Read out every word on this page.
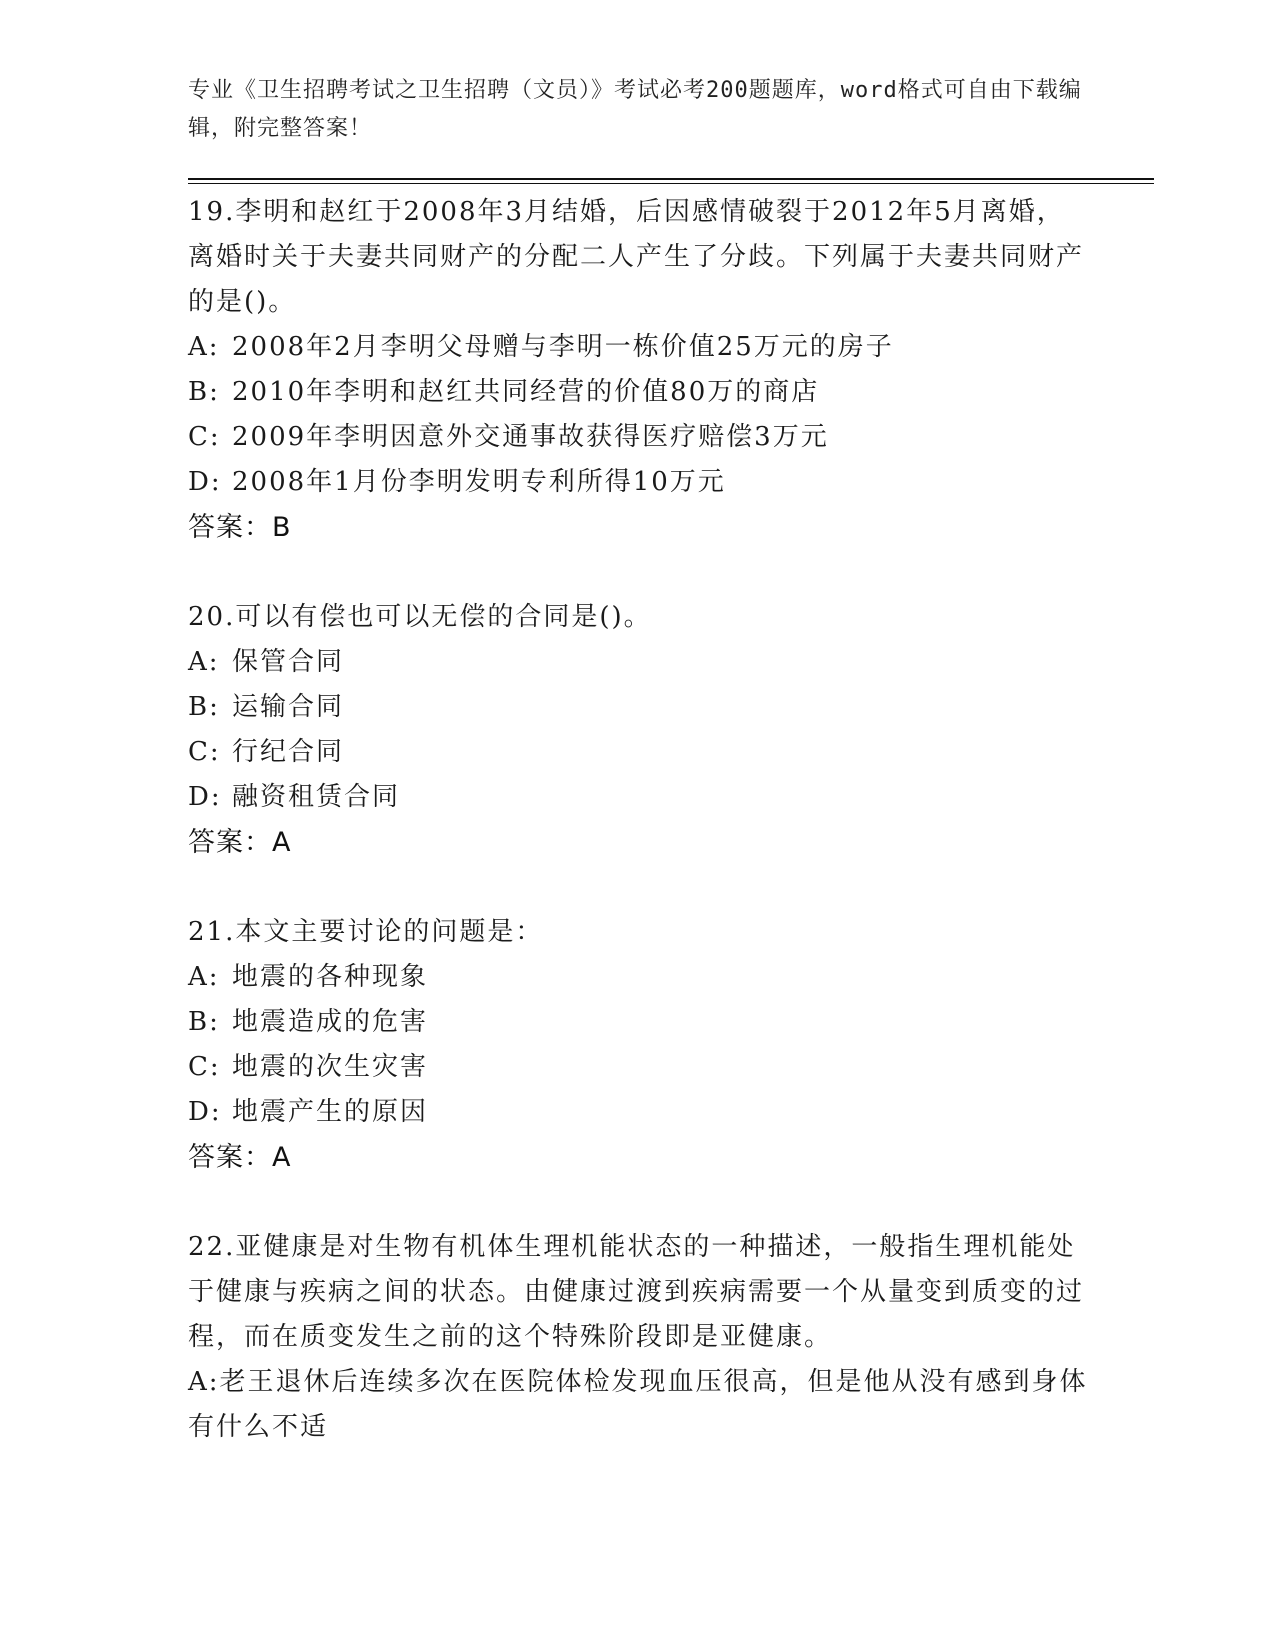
专业《卫生招聘考试之卫生招聘（文员）》考试必考200题题库，word格式可自由下载编辑，附完整答案！
19.李明和赵红于2008年3月结婚，后因感情破裂于2012年5月离婚，离婚时关于夫妻共同财产的分配二人产生了分歧。下列属于夫妻共同财产的是()。
A: 2008年2月李明父母赠与李明一栋价值25万元的房子
B: 2010年李明和赵红共同经营的价值80万的商店
C: 2009年李明因意外交通事故获得医疗赔偿3万元
D: 2008年1月份李明发明专利所得10万元
答案：B
20.可以有偿也可以无偿的合同是()。
A: 保管合同
B: 运输合同
C: 行纪合同
D: 融资租赁合同
答案：A
21.本文主要讨论的问题是：
A: 地震的各种现象
B: 地震造成的危害
C: 地震的次生灾害
D: 地震产生的原因
答案：A
22.亚健康是对生物有机体生理机能状态的一种描述，一般指生理机能处于健康与疾病之间的状态。由健康过渡到疾病需要一个从量变到质变的过程，而在质变发生之前的这个特殊阶段即是亚健康。
A:老王退休后连续多次在医院体检发现血压很高，但是他从没有感到身体有什么不适
